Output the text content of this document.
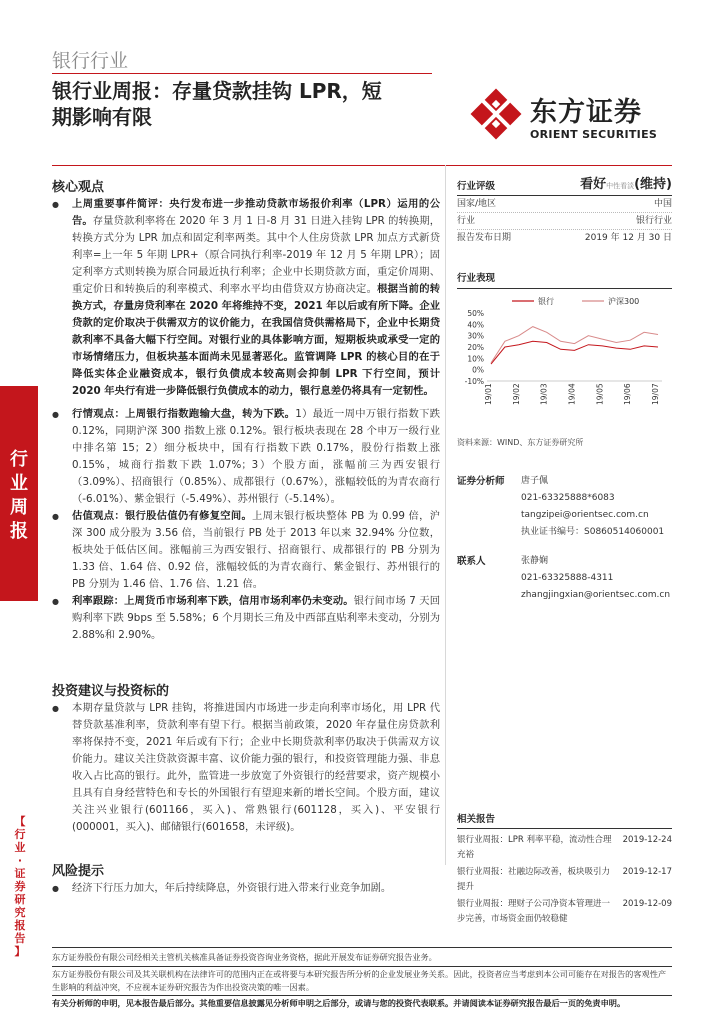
银行行业
银行业周报：存量贷款挂钩 LPR，短
期影响有限	东方证券
ORIENT SECURITIES
行
业
周
报
【
行
业
·
证
券
研
究
报
告
】
核心观点
● 上周重要事件简评：央行发布进一步推动贷款市场报价利率（LPR）运用的公告。存量贷款利率将在 2020 年 3 月 1 日-8 月 31 日进入挂钩 LPR 的转换期，转换方式分为 LPR 加点和固定利率两类。其中个人住房贷款 LPR 加点方式新贷利率=上一年 5 年期 LPR+（原合同执行利率-2019 年 12 月 5 年期 LPR）；固定利率方式则转换为原合同最近执行利率；企业中长期贷款方面，重定价周期、重定价日和转换后的利率模式、利率水平均由借贷双方协商决定。根据当前的转换方式，存量房贷利率在 2020 年将维持不变，2021 年以后或有所下降。企业贷款的定价取决于供需双方的议价能力，在我国信贷供需格局下，企业中长期贷款利率不具备大幅下行空间。对银行业的具体影响方面，短期板块或承受一定的市场情绪压力，但板块基本面尚未见显著恶化。监管调降 LPR 的核心目的在于降低实体企业融资成本，银行负债成本较高则会抑制 LPR 下行空间，预计 2020 年央行有进一步降低银行负债成本的动力，银行息差仍将具有一定韧性。
● 行情观点：上周银行指数跑输大盘，转为下跌。1）最近一周中万银行指数下跌 0.12%，同期沪深 300 指数上涨 0.12%。银行板块表现在 28 个申万一级行业中排名第 15；2）细分板块中，国有行指数下跌 0.17%，股份行指数上涨 0.15%，城商行指数下跌 1.07%；3）个股方面，涨幅前三为西安银行（3.09%）、招商银行（0.85%）、成都银行（0.67%），涨幅较低的为青农商行（-6.01%）、紫金银行（-5.49%）、苏州银行（-5.14%）。
● 估值观点：银行股估值仍有修复空间。上周末银行板块整体 PB 为 0.99 倍，沪深 300 成分股为 3.56 倍，当前银行 PB 处于 2013 年以来 32.94% 分位数，板块处于低估区间。涨幅前三为西安银行、招商银行、成都银行的 PB 分别为 1.33 倍、1.64 倍、0.92 倍，涨幅较低的为青农商行、紫金银行、苏州银行的 PB 分别为 1.46 倍、1.76 倍、1.21 倍。
● 利率跟踪：上周货币市场利率下跌，信用市场利率仍未变动。银行间市场 7 天回购利率下跌 9bps 至 5.58%；6 个月期长三角及中西部直贴利率未变动，分别为 2.88%和 2.90%。
投资建议与投资标的
● 本期存量贷款与 LPR 挂钩，将推进国内市场进一步走向利率市场化，用 LPR 代替贷款基准利率，贷款利率有望下行。根据当前政策，2020 年存量住房贷款利率将保持不变，2021 年后或有下行；企业中长期贷款利率仍取决于供需双方议价能力。建议关注贷款资源丰富、议价能力强的银行，和投资管理能力强、非息收入占比高的银行。此外，监管进一步放宽了外资银行的经营要求，资产规模小且具有自身经营特色和专长的外国银行有望迎来新的增长空间。个股方面，建议关注兴业银行(601166，买入)、常熟银行(601128，买入)、平安银行(000001，买入)、邮储银行(601658，未评级)。
风险提示
● 经济下行压力加大，年后持续降息，外资银行进入带来行业竞争加剧。
行业评级	看好中性看淡(维持)
国家/地区	中国
行业	银行行业
报告发布日期	2019 年 12 月 30 日
行业表现
银行	沪深300
50%
40%
30%
20%
10%
0%
-10%
19/01	19/02	19/03	19/04	19/05	19/06	19/07
资料来源：WIND、东方证券研究所
证券分析师 唐子佩
021-63325888*6083
tangzipei@orientsec.com.cn
执业证书编号：S0860514060001
联系人	张静娴
021-63325888-4311
zhangjingxian@orientsec.com.cn
相关报告
银行业周报：LPR 利率平稳，流动性合理充裕
2019-12-24
银行业周报：社融边际改善，板块吸引力提升
2019-12-17
银行业周报：理财子公司净资本管理进一步完善，市场资金面仍较稳健
2019-12-09
东方证券股份有限公司经相关主管机关核准具备证券投资咨询业务资格，据此开展发布证券研究报告业务。
东方证券股份有限公司及其关联机构在法律许可的范围内正在或将要与本研究报告所分析的企业发展业务关系。因此，投资者应当考虑到本公司可能存在对报告的客观性产生影响的利益冲突，不应视本证券研究报告为作出投资决策的唯一因素。
有关分析师的申明，见本报告最后部分。其他重要信息披露见分析师申明之后部分，或请与您的投资代表联系。并请阅读本证券研究报告最后一页的免责申明。
